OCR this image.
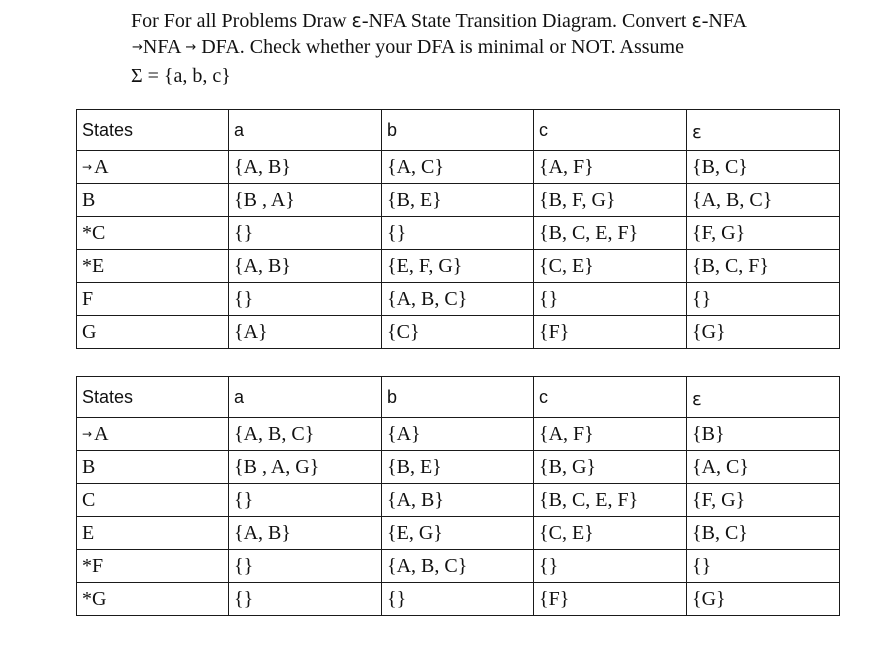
For For all Problems Draw ɛ-NFA State Transition Diagram. Convert ɛ-NFA
→NFA → DFA. Check whether your DFA is minimal or NOT. Assume
Σ = {a, b, c}
States	a	b	c	ɛ
→ A	{A, B}	{A, C}	{A, F}	{B, C}
B	{B , A}	{B, E}	{B, F, G}	{A, B, C}
*C	{}	{}	{B, C, E, F}	{F, G}
*E	{A, B}	{E, F, G}	{C, E}	{B, C, F}
F	{}	{A, B, C}	{}	{}
G	{A}	{C}	{F}	{G}
States	a	b	c	ɛ
→ A	{A, B, C}	{A}	{A, F}	{B}
B	{B , A, G}	{B, E}	{B, G}	{A, C}
C	{}	{A, B}	{B, C, E, F}	{F, G}
E	{A, B}	{E, G}	{C, E}	{B, C}
*F	{}	{A, B, C}	{}	{}
*G	{}	{}	{F}	{G}
